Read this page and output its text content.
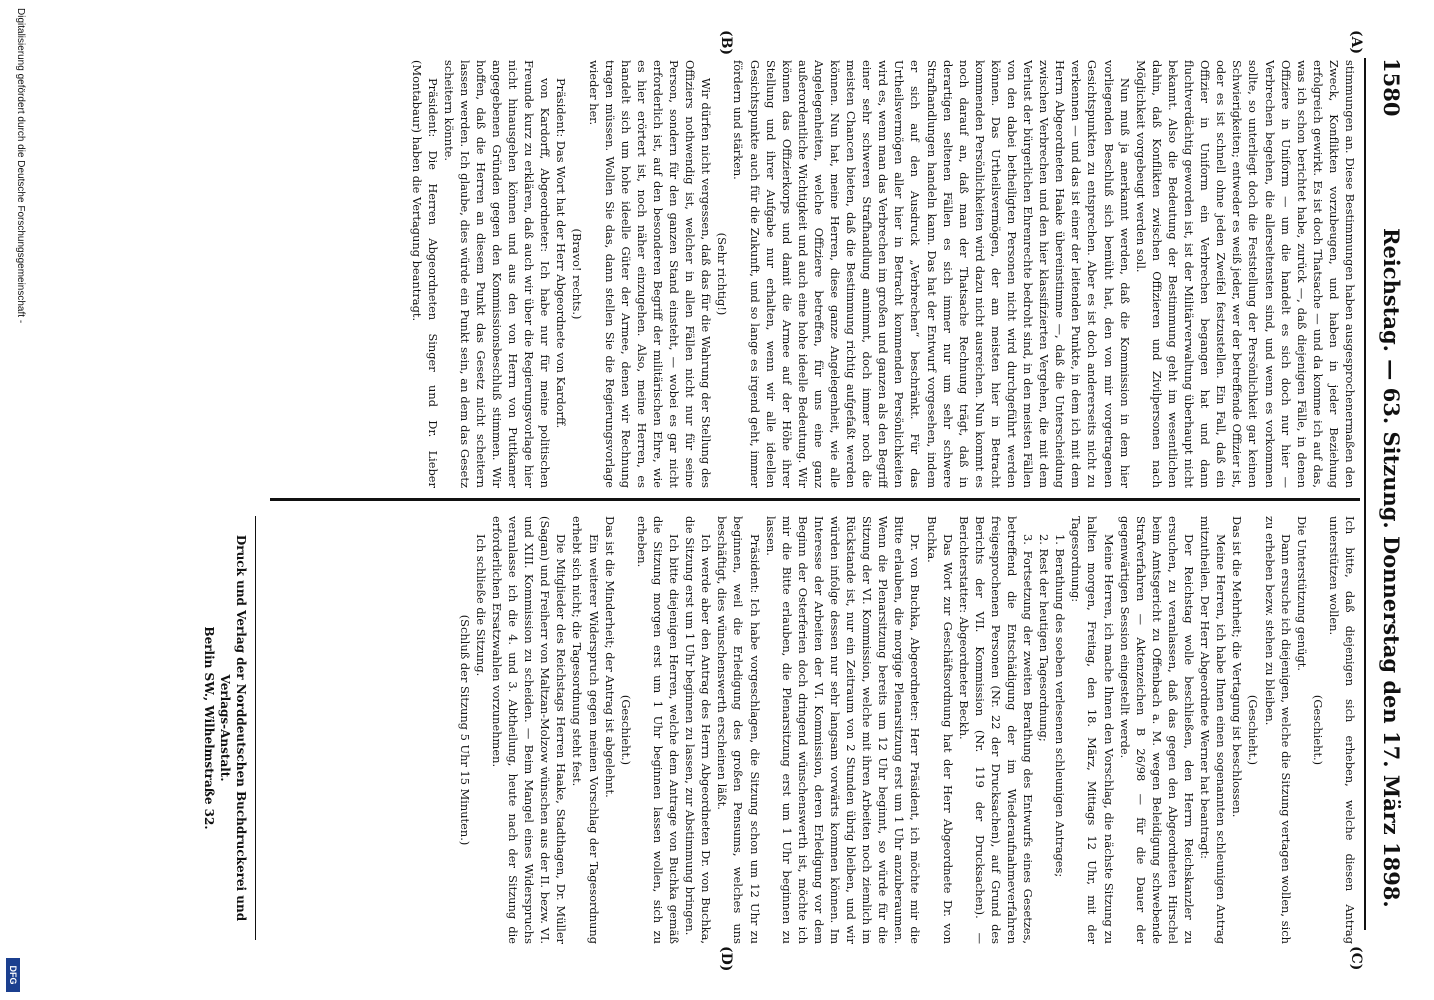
1580
Reichstag. — 63. Sitzung. Donnerstag den 17. März 1898.
(A)
(B)
(C)
(D)

stimmungen an. Diese Bestimmungen haben ausgesprochenermaßen den Zweck, Konflikten vorzubeugen, und haben in jeder Beziehung erfolgreich gewirkt. Es ist doch Thatsache — und da komme ich auf das, was ich schon berichtet habe, zurück —, daß diejenigen Fälle, in denen Offiziere in Uniform — um die handelt es sich doch nur hier — Verbrechen begehen, die allerseltensten sind, und wenn es vorkommen sollte, so unterliegt doch die Feststellung der Persönlichkeit gar keinen Schwierigkeiten; entweder es weiß jeder, wer der betreffende Offizier ist, oder es ist schnell ohne jeden Zweifel festzustellen. Ein Fall, daß ein Offizier in Uniform ein Verbrechen begangen hat und dann fluchtverdächtig geworden ist, ist der Militärverwaltung überhaupt nicht bekannt. Also die Bedeutung der Bestimmung geht im wesentlichen dahin, daß Konflikten zwischen Offizieren und Zivilpersonen nach Möglichkeit vorgebeugt werden soll.

Nun muß ja anerkannt werden, daß die Kommission in dem hier vorliegenden Beschluß sich bemüht hat, den von mir vorgetragenen Gesichtspunkten zu entsprechen. Aber es ist doch andererseits nicht zu verkennen — und das ist einer der leitenden Punkte, in dem ich mit dem Herrn Abgeordneten Haake übereinstimme —, daß die Unterscheidung zwischen Verbrechen und den hier klassifizierten Vergehen, die mit dem Verlust der bürgerlichen Ehrenrechte bedroht sind, in den meisten Fällen von den dabei betheiligten Personen nicht wird durchgeführt werden können. Das Urtheilsvermögen, der am meisten hier in Betracht kommenden Persönlichkeiten wird dazu nicht ausreichen. Nun kommt es noch darauf an, daß man der Thatsache Rechnung trägt, daß in derartigen seltenen Fällen es sich immer nur um sehr schwere Strafhandlungen handeln kann. Das hat der Entwurf vorgesehen, indem er sich auf den Ausdruck „Verbrechen“ beschränkt. Für das Urtheilsvermögen aller hier in Betracht kommenden Persönlichkeiten wird es, wenn man das Verbrechen im großen und ganzen als den Begriff einer sehr schweren Strafhandlung annimmt, doch immer noch die meisten Chancen bieten, daß die Bestimmung richtig aufgefaßt werden können. Nun hat, meine Herren, diese ganze Angelegenheit, wie alle Angelegenheiten, welche Offiziere betreffen, für uns eine ganz außerordentliche Wichtigkeit und auch eine hohe ideelle Bedeutung. Wir können das Offizierkorps und damit die Armee auf der Höhe ihrer Stellung und ihrer Aufgabe nur erhalten, wenn wir alle ideellen Gesichtspunkte auch für die Zukunft, und so lange es irgend geht, immer fördern und stärken.

(Sehr richtig!)

Wir dürfen nicht vergessen, daß das für die Wahrung der Stellung des Offiziers nothwendig ist, welcher in allen Fällen nicht nur für seine Person, sondern für den ganzen Stand einsteht, — wobei es gar nicht erforderlich ist, auf den besonderen Begriff der militärischen Ehre, wie es hier erörtert ist, noch näher einzugehen. Also, meine Herren, es handelt sich um hohe ideelle Güter der Armee, denen wir Rechnung tragen müssen. Wollen Sie das, dann stellen Sie die Regierungsvorlage wieder her.

(Bravo! rechts.)

Präsident: Das Wort hat der Herr Abgeordnete von Kardorff.

von Kardorff, Abgeordneter: Ich habe nur für meine politischen Freunde kurz zu erklären, daß auch wir über die Regierungsvorlage hier nicht hinausgehen können und aus den von Herrn von Puttkamer angegebenen Gründen gegen den Kommissionsbeschluß stimmen. Wir hoffen, daß die Herren an diesem Punkt das Gesetz nicht scheitern lassen werden. Ich glaube, dies würde ein Punkt sein, an dem das Gesetz scheitern könnte.

Präsident: Die Herren Abgeordneten Singer und Dr. Lieber (Montabaur) haben die Vertagung beantragt.

Ich bitte, daß diejenigen sich erheben, welche diesen Antrag unterstützen wollen.

(Geschieht.)

Die Unterstützung genügt.

Dann ersuche ich diejenigen, welche die Sitzung vertagen wollen, sich zu erheben bezw. stehen zu bleiben.

(Geschieht.)

Das ist die Mehrheit; die Vertagung ist beschlossen.

Meine Herren, ich habe Ihnen einen sogenannten schleunigen Antrag mitzutheilen. Der Herr Abgeordnete Werner hat beantragt:

Der Reichstag wolle beschließen, den Herrn Reichskanzler zu ersuchen, zu veranlassen, daß das gegen den Abgeordneten Hirschel beim Amtsgericht zu Offenbach a. M. wegen Beleidigung schwebende Strafverfahren — Aktenzeichen B 26/98 — für die Dauer der gegenwärtigen Session eingestellt werde.

Meine Herren, ich mache Ihnen den Vorschlag, die nächste Sitzung zu halten morgen, Freitag, den 18. März, Mittags 12 Uhr, mit der Tagesordnung:

1. Berathung des soeben verlesenen schleunigen Antrages;

2. Rest der heutigen Tagesordnung;

3. Fortsetzung der zweiten Berathung des Entwurfs eines Gesetzes, betreffend die Entschädigung der im Wiederaufnahmeverfahren freigesprochenen Personen (Nr. 22 der Drucksachen), auf Grund des Berichts der VII. Kommission (Nr. 119 der Drucksachen). — Berichterstatter: Abgeordneter Beckh.

Das Wort zur Geschäftsordnung hat der Herr Abgeordnete Dr. von Buchka.

Dr. von Buchka, Abgeordneter: Herr Präsident, ich möchte mir die Bitte erlauben, die morgige Plenarsitzung erst um 1 Uhr anzuberaumen. Wenn die Plenarsitzung bereits um 12 Uhr beginnt, so würde für die Sitzung der VI. Kommission, welche mit ihren Arbeiten noch ziemlich im Rückstande ist, nur ein Zeitraum von 2 Stunden übrig bleiben, und wir würden infolge dessen nur sehr langsam vorwärts kommen können. Im Interesse der Arbeiten der VI. Kommission, deren Erledigung vor dem Beginn der Osterferien doch dringend wünschenswerth ist, möchte ich mir die Bitte erlauben, die Plenarsitzung erst um 1 Uhr beginnen zu lassen.

Präsident: Ich habe vorgeschlagen, die Sitzung schon um 12 Uhr zu beginnen, weil die Erledigung des großen Pensums, welches uns beschäftigt, dies wünschenswerth erscheinen läßt.

Ich werde aber den Antrag des Herrn Abgeordneten Dr. von Buchka, die Sitzung erst um 1 Uhr beginnen zu lassen, zur Abstimmung bringen.

Ich bitte diejenigen Herren, welche dem Antrage von Buchka gemäß die Sitzung morgen erst um 1 Uhr beginnen lassen wollen, sich zu erheben.

(Geschieht.)

Das ist die Minderheit; der Antrag ist abgelehnt.

Ein weiterer Widerspruch gegen meinen Vorschlag der Tagesordnung erhebt sich nicht; die Tagesordnung steht fest.

Die Mitglieder des Reichstags Herren Haake, Stadthagen, Dr. Müller (Sagan) und Freiherr von Maltzan-Molzow wünschen aus der II. bezw. VI. und XIII. Kommission zu scheiden. — Beim Mangel eines Widerspruchs veranlasse ich die 4. und 3. Abtheilung, heute nach der Sitzung die erforderlichen Ersatzwahlen vorzunehmen.

Ich schließe die Sitzung.

(Schluß der Sitzung 5 Uhr 15 Minuten.)

Druck und Verlag der Norddeutschen Buchdruckerei und Verlags-Anstalt.
Berlin SW., Wilhelmstraße 32.
Digitalisierung gefördert durch die Deutsche Forschungsgemeinschaft -
DFG
